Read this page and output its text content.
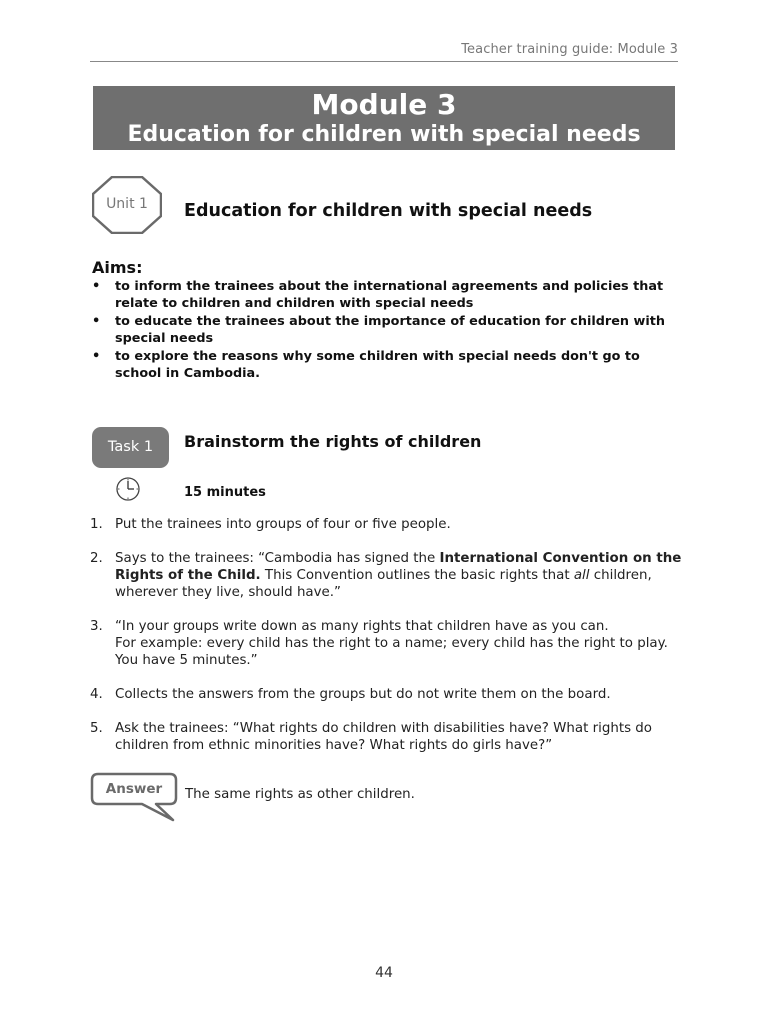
Teacher training guide: Module 3
Module 3
Education for children with special needs
Unit 1	Education for children with special needs
Aims:
• to inform the trainees about the international agreements and policies that relate to children and children with special needs
• to educate the trainees about the importance of education for children with special needs
• to explore the reasons why some children with special needs don't go to school in Cambodia.
Task 1	Brainstorm the rights of children
15 minutes
1. Put the trainees into groups of four or five people.
2. Says to the trainees: “Cambodia has signed the International Convention on the Rights of the Child. This Convention outlines the basic rights that all children, wherever they live, should have.”
3. “In your groups write down as many rights that children have as you can.
For example: every child has the right to a name; every child has the right to play.
You have 5 minutes.”
4. Collects the answers from the groups but do not write them on the board.
5. Ask the trainees: “What rights do children with disabilities have? What rights do children from ethnic minorities have? What rights do girls have?”
Answer	The same rights as other children.
44
